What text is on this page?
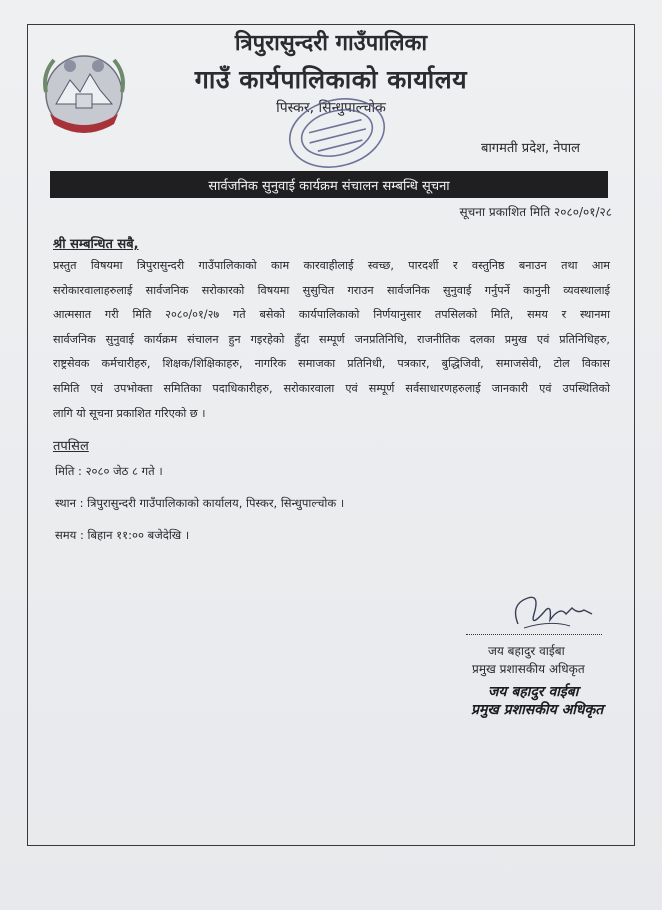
त्रिपुरासुन्दरी गाउँपालिका
गाउँ कार्यपालिकाको कार्यालय
पिस्कर, सिन्धुपाल्चोक
बागमती प्रदेश, नेपाल
सार्वजनिक सुनुवाई कार्यक्रम संचालन सम्बन्धि सूचना
सूचना प्रकाशित मिति २०८०/०१/२८
श्री सम्बन्धित सबै,
प्रस्तुत विषयमा त्रिपुरासुन्दरी गाउँपालिकाको काम कारवाहीलाई स्वच्छ, पारदर्शी र वस्तुनिष्ठ बनाउन तथा आम
सरोकारवालाहरुलाई सार्वजनिक सरोकारको विषयमा सुसुचित गराउन सार्वजनिक सुनुवाई गर्नुपर्ने कानुनी व्यवस्थालाई
आत्मसात गरी मिति २०८०/०१/२७ गते बसेको कार्यपालिकाको निर्णयानुसार तपसिलको मिति, समय र स्थानमा
सार्वजनिक सुनुवाई कार्यक्रम संचालन हुन गइरहेको हुँदा सम्पूर्ण जनप्रतिनिधि, राजनीतिक दलका प्रमुख एवं प्रतिनिधिहरु,
राष्ट्रसेवक कर्मचारीहरु, शिक्षक/शिक्षिकाहरु, नागरिक समाजका प्रतिनिधी, पत्रकार, बुद्धिजिवी, समाजसेवी, टोल विकास
समिति एवं उपभोक्ता समितिका पदाधिकारीहरु, सरोकारवाला एवं सम्पूर्ण सर्वसाधारणहरुलाई जानकारी एवं उपस्थितिको
लागि यो सूचना प्रकाशित गरिएको छ ।
तपसिल
मिति : २०८० जेठ ८ गते ।
स्थान : त्रिपुरासुन्दरी गाउँपालिकाको कार्यालय, पिस्कर, सिन्धुपाल्चोक ।
समय : बिहान ११:०० बजेदेखि ।
जय बहादुर वाईबा
प्रमुख प्रशासकीय अधिकृत
जय बहादुर वाईबा
प्रमुख प्रशासकीय अधिकृत
